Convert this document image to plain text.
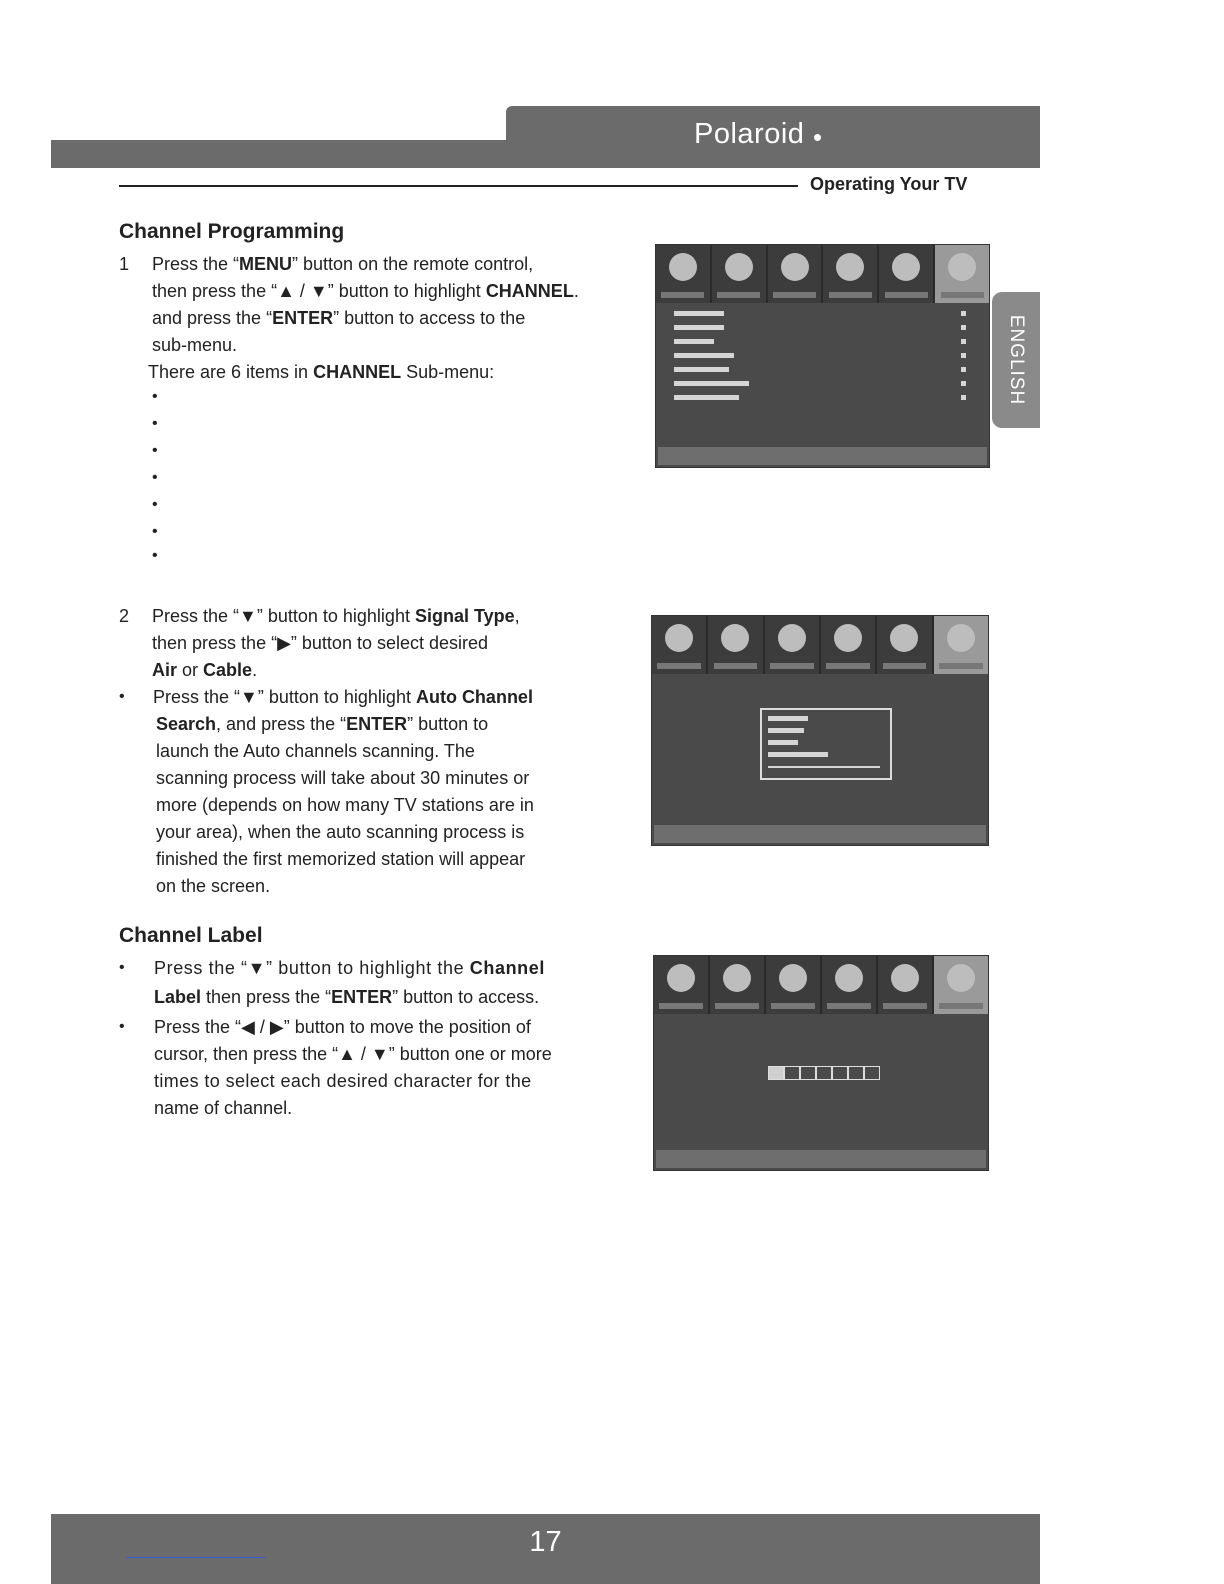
Polaroid
Operating Your TV
ENGLISH
Channel Programming
1 Press the “MENU” button on the remote control,
then press the “▲ / ▼” button to highlight CHANNEL.
and press the “ENTER” button to access to the
sub-menu.
There are 6 items in CHANNEL Sub-menu:
•
•
•
•
•
•
•
2 Press the “▼” button to highlight Signal Type,
then press the “▶” button to select desired
Air or Cable.
• Press the “▼” button to highlight Auto Channel
Search, and press the “ENTER” button to
launch the Auto channels scanning. The
scanning process will take about 30 minutes or
more (depends on how many TV stations are in
your area), when the auto scanning process is
finished the first memorized station will appear
on the screen.
Channel Label
• Press the “▼” button to highlight the Channel
Label then press the “ENTER” button to access.
• Press the “◀ / ▶” button to move the position of
cursor, then press the “▲ / ▼” button one or more
times to select each desired character for the
name of channel.
17
